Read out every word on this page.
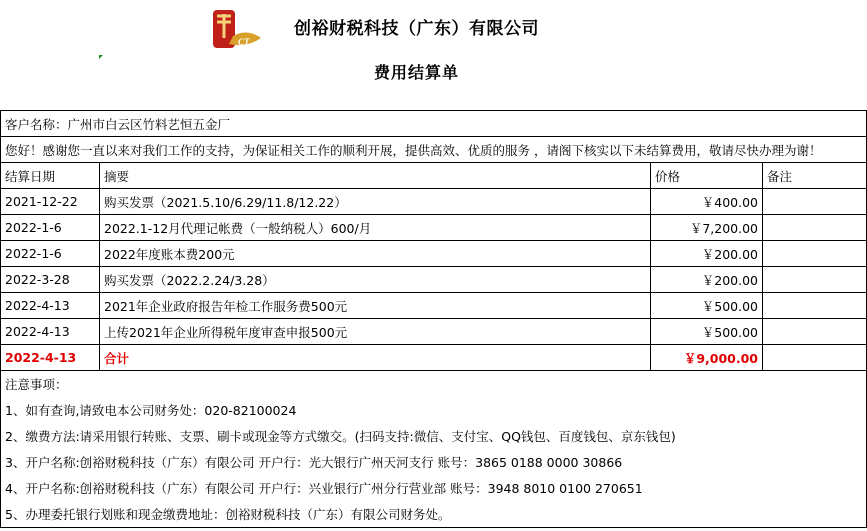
CT
创裕财税科技（广东）有限公司
费用结算单
客户名称：广州市白云区竹料艺恒五金厂			
您好！感谢您一直以来对我们工作的支持，为保证相关工作的顺利开展，提供高效、优质的服务 ，请阁下核实以下未结算费用，敬请尽快办理为谢！			
结算日期	摘要	价格	备注
2021-12-22	购买发票（2021.5.10/6.29/11.8/12.22）	￥400.00	
2022-1-6	2022.1-12月代理记帐费（一般纳税人）600/月	￥7,200.00	
2022-1-6	2022年度账本费200元	￥200.00	
2022-3-28	购买发票（2022.2.24/3.28）	￥200.00	
2022-4-13	2021年企业政府报告年检工作服务费500元	￥500.00	
2022-4-13	上传2021年企业所得税年度审查申报500元	￥500.00	
2022-4-13	合计	￥9,000.00	
注意事项：			
1、如有查询,请致电本公司财务处：020-82100024			
2、缴费方法:请采用银行转账、支票、刷卡或现金等方式缴交。(扫码支持:微信、支付宝、QQ钱包、百度钱包、京东钱包)			
3、开户名称:创裕财税科技（广东）有限公司 开户行：光大银行广州天河支行 账号：3865 0188 0000 30866			
4、开户名称:创裕财税科技（广东）有限公司 开户行：兴业银行广州分行营业部 账号：3948 8010 0100 270651			
5、办理委托银行划账和现金缴费地址：创裕财税科技（广东）有限公司财务处。			
